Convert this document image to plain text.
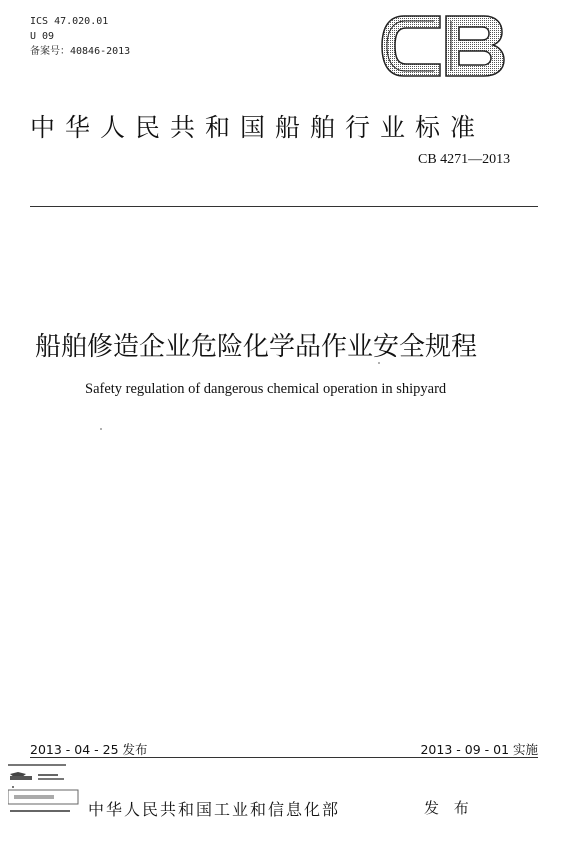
ICS 47.020.01
U 09
备案号：40846-2013
中华人民共和国船舶行业标准
CB 4271—2013
船舶修造企业危险化学品作业安全规程
Safety regulation of dangerous chemical operation in shipyard
2013 - 04 - 25 发布	2013 - 09 - 01 实施
中华人民共和国工业和信息化部	发 布
